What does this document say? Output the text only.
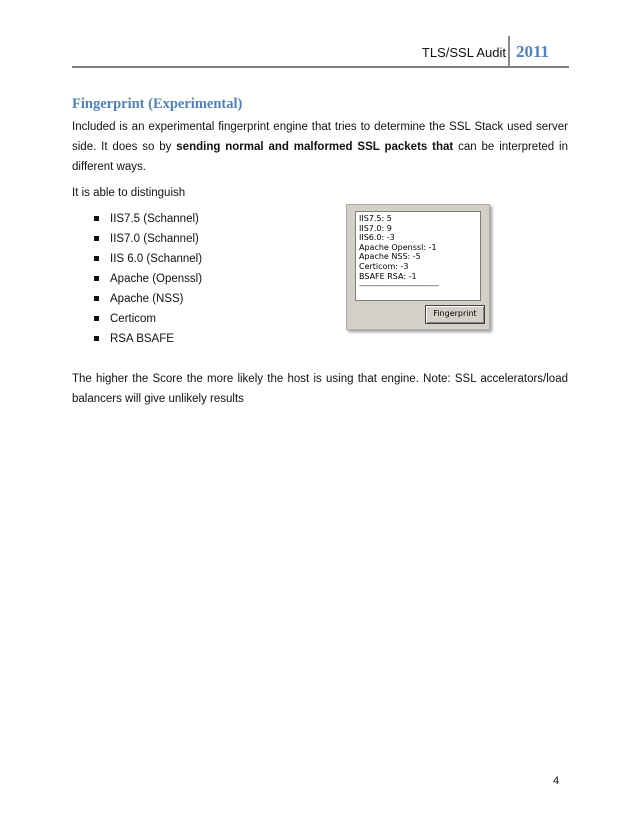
TLS/SSL Audit 2011
Fingerprint (Experimental)

Included is an experimental fingerprint engine that tries to determine the SSL Stack used server side. It does so by sending normal and malformed SSL packets that can be interpreted in different ways.

It is able to distinguish

IIS7.5 (Schannel)
IIS7.0 (Schannel)
IIS 6.0 (Schannel)
Apache (Openssl)
Apache (NSS)
Certicom
RSA BSAFE
IIS7.5: 5
IIS7.0: 9
IIS6.0: -3
Apache Openssl: -1
Apache NSS: -5
Certicom: -3
BSAFE RSA: -1
------------------------------------------
Fingerprint

The higher the Score the more likely the host is using that engine. Note: SSL accelerators/load balancers will give unlikely results

4
